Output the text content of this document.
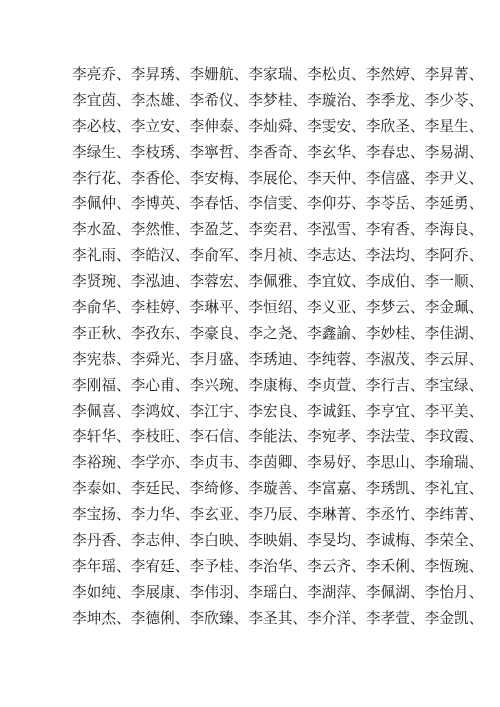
李亮乔、李昇琇、李姗航、李家瑞、李松贞、李然婷、李昇菁、
李宜茵、李杰雄、李希仪、李梦桂、李璇治、李季龙、李少苓、
李必枝、李立安、李伸泰、李灿舜、李雯安、李欣圣、李星生、
李绿生、李枝琇、李寧哲、李香奇、李玄华、李春忠、李易湖、
李行花、李香伦、李安梅、李展伦、李天仲、李信盛、李尹义、
李佩仲、李博英、李春恬、李信雯、李仰芬、李苓岳、李延勇、
李水盈、李然惟、李盈芝、李奕君、李泓雪、李宥香、李海良、
李礼雨、李皓汉、李俞军、李月祯、李志达、李法均、李阿乔、
李贤琬、李泓迪、李蓉宏、李佩雅、李宜妏、李成伯、李一顺、
李俞华、李桂婷、李琳平、李恒绍、李义亚、李梦云、李金珮、
李正秋、李孜东、李豪良、李之尧、李鑫諭、李妙桂、李佳湖、
李宪恭、李舜光、李月盛、李琇迪、李纯蓉、李淑茂、李云屏、
李刚福、李心甫、李兴琬、李康梅、李贞萱、李行吉、李宝绿、
李佩喜、李鸿妏、李江宇、李宏良、李诚鈺、李亨宜、李平美、
李轩华、李枝旺、李石信、李能法、李宛孝、李法莹、李玟霞、
李裕琬、李学亦、李贞韦、李茵卿、李易妤、李思山、李瑜瑞、
李泰如、李廷民、李绮修、李璇善、李富嘉、李琇凯、李礼宜、
李宝扬、李力华、李玄亚、李乃辰、李琳菁、李丞竹、李纬菁、
李丹香、李志伸、李白映、李映娟、李旻均、李诚梅、李荣全、
李年瑶、李宥廷、李予桂、李治华、李云齐、李禾俐、李恆琬、
李如纯、李展康、李伟羽、李瑶白、李湖萍、李佩湖、李怡月、
李坤杰、李德俐、李欣臻、李圣其、李介洋、李孝萱、李金凯、
